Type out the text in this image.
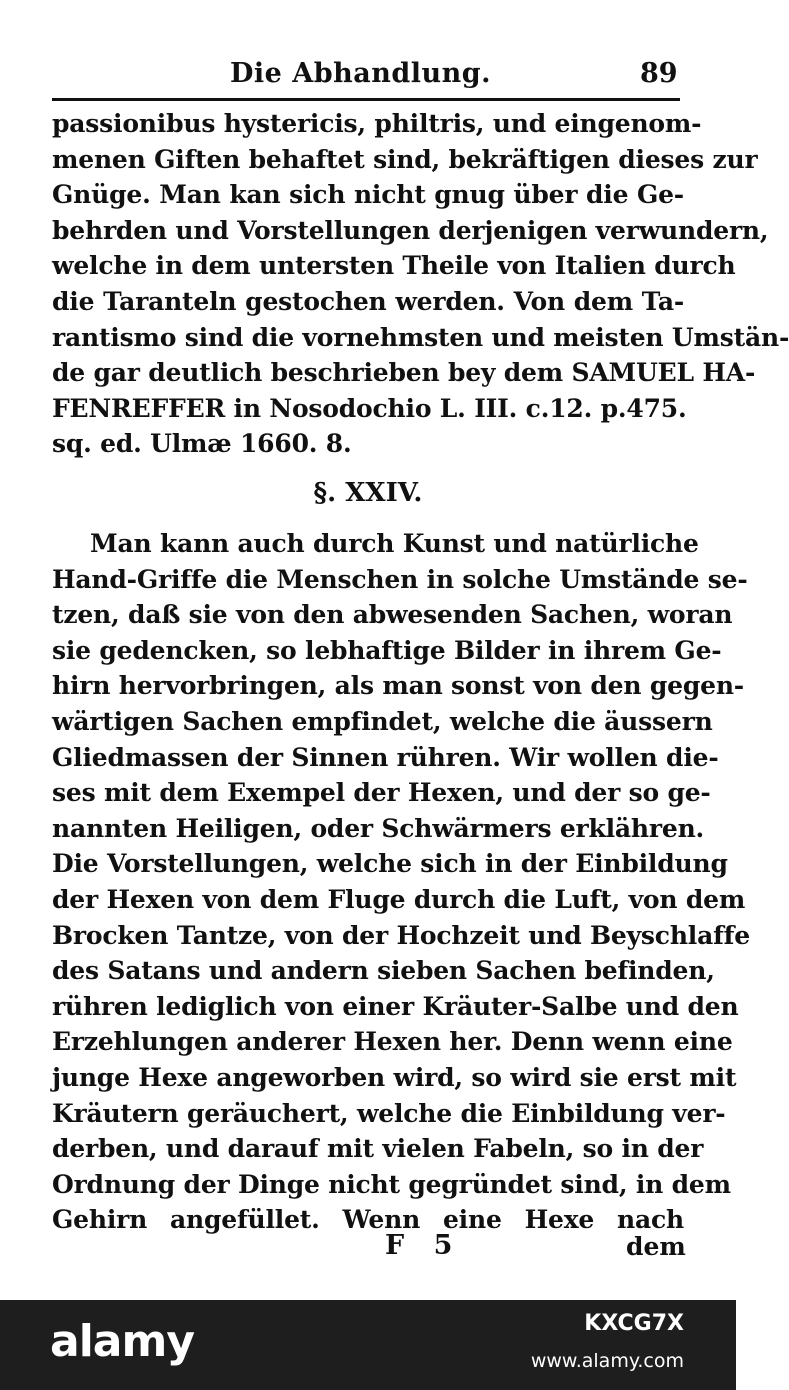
Die Abhandlung.	89
passionibus hystericis, philtris, und eingenom-
menen Giften behaftet sind, bekräftigen dieses zur
Gnüge. Man kan sich nicht gnug über die Ge-
behrden und Vorstellungen derjenigen verwundern,
welche in dem untersten Theile von Italien durch
die Taranteln gestochen werden. Von dem Ta-
rantismo sind die vornehmsten und meisten Umstän-
de gar deutlich beschrieben bey dem SAMUEL HA-
FENREFFER in Nosodochio L. III. c.12. p.475.
sq. ed. Ulmæ 1660. 8.
§. XXIV.
Man kann auch durch Kunst und natürliche
Hand-Griffe die Menschen in solche Umstände se-
tzen, daß sie von den abwesenden Sachen, woran
sie gedencken, so lebhaftige Bilder in ihrem Ge-
hirn hervorbringen, als man sonst von den gegen-
wärtigen Sachen empfindet, welche die äussern
Gliedmassen der Sinnen rühren. Wir wollen die-
ses mit dem Exempel der Hexen, und der so ge-
nannten Heiligen, oder Schwärmers erklähren.
Die Vorstellungen, welche sich in der Einbildung
der Hexen von dem Fluge durch die Luft, von dem
Brocken Tantze, von der Hochzeit und Beyschlaffe
des Satans und andern sieben Sachen befinden,
rühren lediglich von einer Kräuter-Salbe und den
Erzehlungen anderer Hexen her. Denn wenn eine
junge Hexe angeworben wird, so wird sie erst mit
Kräutern geräuchert, welche die Einbildung ver-
derben, und darauf mit vielen Fabeln, so in der
Ordnung der Dinge nicht gegründet sind, in dem
Gehirn angefüllet. Wenn eine Hexe nach
F 5	dem
alamy	KXCG7X
www.alamy.com
